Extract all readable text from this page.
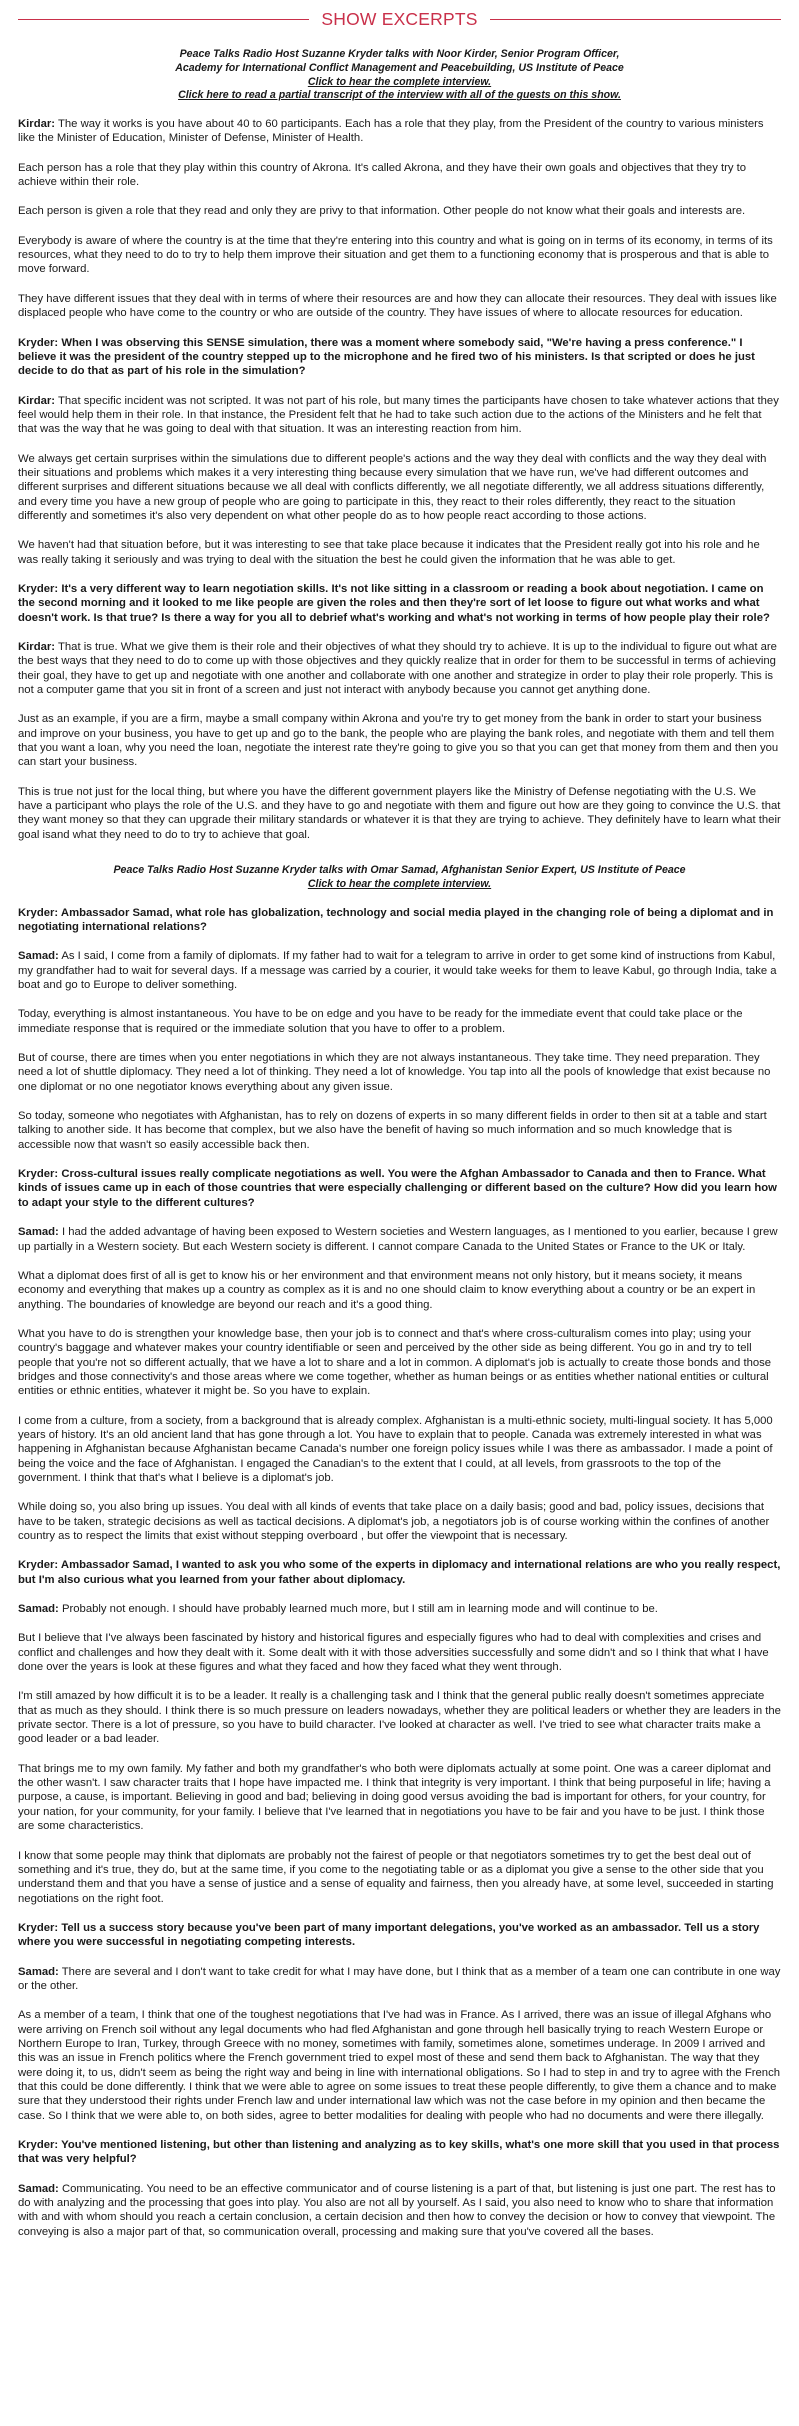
SHOW EXCERPTS
Peace Talks Radio Host Suzanne Kryder talks with Noor Kirder, Senior Program Officer,
Academy for International Conflict Management and Peacebuilding, US Institute of Peace
Click to hear the complete interview.
Click here to read a partial transcript of the interview with all of the guests on this show.

Kirdar: The way it works is you have about 40 to 60 participants. Each has a role that they play, from the President of the country to various ministers like the Minister of Education, Minister of Defense, Minister of Health.

Each person has a role that they play within this country of Akrona. It's called Akrona, and they have their own goals and objectives that they try to achieve within their role.

Each person is given a role that they read and only they are privy to that information. Other people do not know what their goals and interests are.

Everybody is aware of where the country is at the time that they're entering into this country and what is going on in terms of its economy, in terms of its resources, what they need to do to try to help them improve their situation and get them to a functioning economy that is prosperous and that is able to move forward.

They have different issues that they deal with in terms of where their resources are and how they can allocate their resources. They deal with issues like displaced people who have come to the country or who are outside of the country. They have issues of where to allocate resources for education.

Kryder: When I was observing this SENSE simulation, there was a moment where somebody said, "We're having a press conference." I believe it was the president of the country stepped up to the microphone and he fired two of his ministers. Is that scripted or does he just decide to do that as part of his role in the simulation?

Kirdar: That specific incident was not scripted. It was not part of his role, but many times the participants have chosen to take whatever actions that they feel would help them in their role. In that instance, the President felt that he had to take such action due to the actions of the Ministers and he felt that that was the way that he was going to deal with that situation. It was an interesting reaction from him.

We always get certain surprises within the simulations due to different people's actions and the way they deal with conflicts and the way they deal with their situations and problems which makes it a very interesting thing because every simulation that we have run, we've had different outcomes and different surprises and different situations because we all deal with conflicts differently, we all negotiate differently, we all address situations differently, and every time you have a new group of people who are going to participate in this, they react to their roles differently, they react to the situation differently and sometimes it's also very dependent on what other people do as to how people react according to those actions.

We haven't had that situation before, but it was interesting to see that take place because it indicates that the President really got into his role and he was really taking it seriously and was trying to deal with the situation the best he could given the information that he was able to get.

Kryder: It's a very different way to learn negotiation skills. It's not like sitting in a classroom or reading a book about negotiation. I came on the second morning and it looked to me like people are given the roles and then they're sort of let loose to figure out what works and what doesn't work. Is that true? Is there a way for you all to debrief what's working and what's not working in terms of how people play their role?

Kirdar: That is true. What we give them is their role and their objectives of what they should try to achieve. It is up to the individual to figure out what are the best ways that they need to do to come up with those objectives and they quickly realize that in order for them to be successful in terms of achieving their goal, they have to get up and negotiate with one another and collaborate with one another and strategize in order to play their role properly. This is not a computer game that you sit in front of a screen and just not interact with anybody because you cannot get anything done.

Just as an example, if you are a firm, maybe a small company within Akrona and you're try to get money from the bank in order to start your business and improve on your business, you have to get up and go to the bank, the people who are playing the bank roles, and negotiate with them and tell them that you want a loan, why you need the loan, negotiate the interest rate they're going to give you so that you can get that money from them and then you can start your business.

This is true not just for the local thing, but where you have the different government players like the Ministry of Defense negotiating with the U.S. We have a participant who plays the role of the U.S. and they have to go and negotiate with them and figure out how are they going to convince the U.S. that they want money so that they can upgrade their military standards or whatever it is that they are trying to achieve. They definitely have to learn what their goal isand what they need to do to try to achieve that goal.

Peace Talks Radio Host Suzanne Kryder talks with Omar Samad, Afghanistan Senior Expert, US Institute of Peace
Click to hear the complete interview.

Kryder: Ambassador Samad, what role has globalization, technology and social media played in the changing role of being a diplomat and in negotiating international relations?

Samad: As I said, I come from a family of diplomats. If my father had to wait for a telegram to arrive in order to get some kind of instructions from Kabul, my grandfather had to wait for several days. If a message was carried by a courier, it would take weeks for them to leave Kabul, go through India, take a boat and go to Europe to deliver something.

Today, everything is almost instantaneous. You have to be on edge and you have to be ready for the immediate event that could take place or the immediate response that is required or the immediate solution that you have to offer to a problem.

But of course, there are times when you enter negotiations in which they are not always instantaneous. They take time. They need preparation. They need a lot of shuttle diplomacy. They need a lot of thinking. They need a lot of knowledge. You tap into all the pools of knowledge that exist because no one diplomat or no one negotiator knows everything about any given issue.

So today, someone who negotiates with Afghanistan, has to rely on dozens of experts in so many different fields in order to then sit at a table and start talking to another side. It has become that complex, but we also have the benefit of having so much information and so much knowledge that is accessible now that wasn't so easily accessible back then.

Kryder: Cross-cultural issues really complicate negotiations as well. You were the Afghan Ambassador to Canada and then to France. What kinds of issues came up in each of those countries that were especially challenging or different based on the culture? How did you learn how to adapt your style to the different cultures?

Samad: I had the added advantage of having been exposed to Western societies and Western languages, as I mentioned to you earlier, because I grew up partially in a Western society. But each Western society is different. I cannot compare Canada to the United States or France to the UK or Italy.

What a diplomat does first of all is get to know his or her environment and that environment means not only history, but it means society, it means economy and everything that makes up a country as complex as it is and no one should claim to know everything about a country or be an expert in anything. The boundaries of knowledge are beyond our reach and it's a good thing.

What you have to do is strengthen your knowledge base, then your job is to connect and that's where cross-culturalism comes into play; using your country's baggage and whatever makes your country identifiable or seen and perceived by the other side as being different. You go in and try to tell people that you're not so different actually, that we have a lot to share and a lot in common. A diplomat's job is actually to create those bonds and those bridges and those connectivity's and those areas where we come together, whether as human beings or as entities whether national entities or cultural entities or ethnic entities, whatever it might be. So you have to explain.

I come from a culture, from a society, from a background that is already complex. Afghanistan is a multi-ethnic society, multi-lingual society. It has 5,000 years of history. It's an old ancient land that has gone through a lot. You have to explain that to people. Canada was extremely interested in what was happening in Afghanistan because Afghanistan became Canada's number one foreign policy issues while I was there as ambassador. I made a point of being the voice and the face of Afghanistan. I engaged the Canadian's to the extent that I could, at all levels, from grassroots to the top of the government. I think that that's what I believe is a diplomat's job.

While doing so, you also bring up issues. You deal with all kinds of events that take place on a daily basis; good and bad, policy issues, decisions that have to be taken, strategic decisions as well as tactical decisions. A diplomat's job, a negotiators job is of course working within the confines of another country as to respect the limits that exist without stepping overboard , but offer the viewpoint that is necessary.

Kryder: Ambassador Samad, I wanted to ask you who some of the experts in diplomacy and international relations are who you really respect, but I'm also curious what you learned from your father about diplomacy.

Samad: Probably not enough. I should have probably learned much more, but I still am in learning mode and will continue to be.

But I believe that I've always been fascinated by history and historical figures and especially figures who had to deal with complexities and crises and conflict and challenges and how they dealt with it. Some dealt with it with those adversities successfully and some didn't and so I think that what I have done over the years is look at these figures and what they faced and how they faced what they went through.

I'm still amazed by how difficult it is to be a leader. It really is a challenging task and I think that the general public really doesn't sometimes appreciate that as much as they should. I think there is so much pressure on leaders nowadays, whether they are political leaders or whether they are leaders in the private sector. There is a lot of pressure, so you have to build character. I've looked at character as well. I've tried to see what character traits make a good leader or a bad leader.

That brings me to my own family. My father and both my grandfather's who both were diplomats actually at some point. One was a career diplomat and the other wasn't. I saw character traits that I hope have impacted me. I think that integrity is very important. I think that being purposeful in life; having a purpose, a cause, is important. Believing in good and bad; believing in doing good versus avoiding the bad is important for others, for your country, for your nation, for your community, for your family. I believe that I've learned that in negotiations you have to be fair and you have to be just. I think those are some characteristics.

I know that some people may think that diplomats are probably not the fairest of people or that negotiators sometimes try to get the best deal out of something and it's true, they do, but at the same time, if you come to the negotiating table or as a diplomat you give a sense to the other side that you understand them and that you have a sense of justice and a sense of equality and fairness, then you already have, at some level, succeeded in starting negotiations on the right foot.

Kryder: Tell us a success story because you've been part of many important delegations, you've worked as an ambassador. Tell us a story where you were successful in negotiating competing interests.

Samad: There are several and I don't want to take credit for what I may have done, but I think that as a member of a team one can contribute in one way or the other.

As a member of a team, I think that one of the toughest negotiations that I've had was in France. As I arrived, there was an issue of illegal Afghans who were arriving on French soil without any legal documents who had fled Afghanistan and gone through hell basically trying to reach Western Europe or Northern Europe to Iran, Turkey, through Greece with no money, sometimes with family, sometimes alone, sometimes underage. In 2009 I arrived and this was an issue in French politics where the French government tried to expel most of these and send them back to Afghanistan. The way that they were doing it, to us, didn't seem as being the right way and being in line with international obligations. So I had to step in and try to agree with the French that this could be done differently. I think that we were able to agree on some issues to treat these people differently, to give them a chance and to make sure that they understood their rights under French law and under international law which was not the case before in my opinion and then became the case. So I think that we were able to, on both sides, agree to better modalities for dealing with people who had no documents and were there illegally.

Kryder: You've mentioned listening, but other than listening and analyzing as to key skills, what's one more skill that you used in that process that was very helpful?

Samad: Communicating. You need to be an effective communicator and of course listening is a part of that, but listening is just one part. The rest has to do with analyzing and the processing that goes into play. You also are not all by yourself. As I said, you also need to know who to share that information with and with whom should you reach a certain conclusion, a certain decision and then how to convey the decision or how to convey that viewpoint. The conveying is also a major part of that, so communication overall, processing and making sure that you've covered all the bases.
